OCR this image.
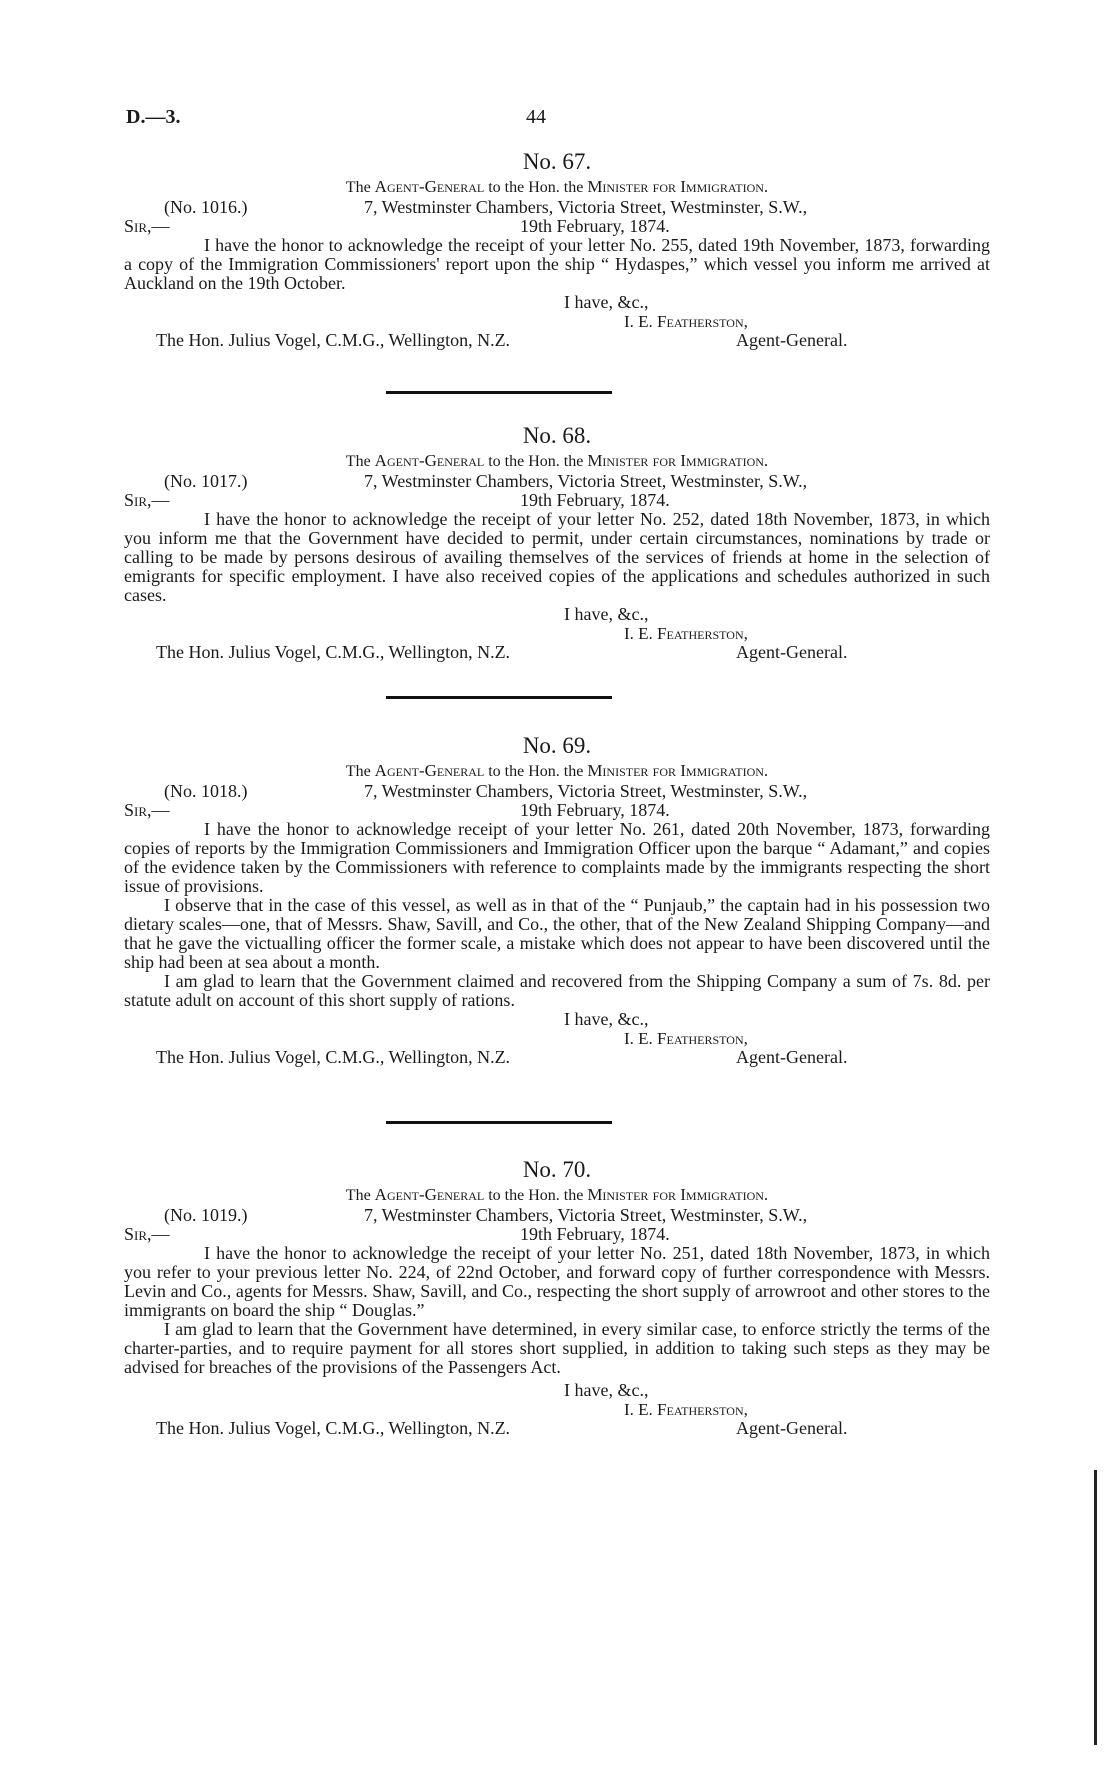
D.—3.	44
No. 67.
The Agent-General to the Hon. the Minister for Immigration.
(No. 1016.)	7, Westminster Chambers, Victoria Street, Westminster, S.W.,
Sir,—	19th February, 1874.

I have the honor to acknowledge the receipt of your letter No. 255, dated 19th November, 1873, forwarding a copy of the Immigration Commissioners' report upon the ship “ Hydaspes,” which vessel you inform me arrived at Auckland on the 19th October.

I have, &c.,
I. E. Featherston,
The Hon. Julius Vogel, C.M.G., Wellington, N.Z.	Agent-General.
No. 68.
The Agent-General to the Hon. the Minister for Immigration.
(No. 1017.)	7, Westminster Chambers, Victoria Street, Westminster, S.W.,
Sir,—	19th February, 1874.

I have the honor to acknowledge the receipt of your letter No. 252, dated 18th November, 1873, in which you inform me that the Government have decided to permit, under certain circumstances, nominations by trade or calling to be made by persons desirous of availing themselves of the services of friends at home in the selection of emigrants for specific employment. I have also received copies of the applications and schedules authorized in such cases.

I have, &c.,
I. E. Featherston,
The Hon. Julius Vogel, C.M.G., Wellington, N.Z.	Agent-General.
No. 69.
The Agent-General to the Hon. the Minister for Immigration.
(No. 1018.)	7, Westminster Chambers, Victoria Street, Westminster, S.W.,
Sir,—	19th February, 1874.

I have the honor to acknowledge receipt of your letter No. 261, dated 20th November, 1873, forwarding copies of reports by the Immigration Commissioners and Immigration Officer upon the barque “ Adamant,” and copies of the evidence taken by the Commissioners with reference to complaints made by the immigrants respecting the short issue of provisions.

I observe that in the case of this vessel, as well as in that of the “ Punjaub,” the captain had in his possession two dietary scales—one, that of Messrs. Shaw, Savill, and Co., the other, that of the New Zealand Shipping Company—and that he gave the victualling officer the former scale, a mistake which does not appear to have been discovered until the ship had been at sea about a month.

I am glad to learn that the Government claimed and recovered from the Shipping Company a sum of 7s. 8d. per statute adult on account of this short supply of rations.

I have, &c.,
I. E. Featherston,
The Hon. Julius Vogel, C.M.G., Wellington, N.Z.	Agent-General.
No. 70.
The Agent-General to the Hon. the Minister for Immigration.
(No. 1019.)	7, Westminster Chambers, Victoria Street, Westminster, S.W.,
Sir,—	19th February, 1874.

I have the honor to acknowledge the receipt of your letter No. 251, dated 18th November, 1873, in which you refer to your previous letter No. 224, of 22nd October, and forward copy of further correspondence with Messrs. Levin and Co., agents for Messrs. Shaw, Savill, and Co., respecting the short supply of arrowroot and other stores to the immigrants on board the ship “ Douglas.”

I am glad to learn that the Government have determined, in every similar case, to enforce strictly the terms of the charter-parties, and to require payment for all stores short supplied, in addition to taking such steps as they may be advised for breaches of the provisions of the Passengers Act.

I have, &c.,
I. E. Featherston,
The Hon. Julius Vogel, C.M.G., Wellington, N.Z.	Agent-General.
